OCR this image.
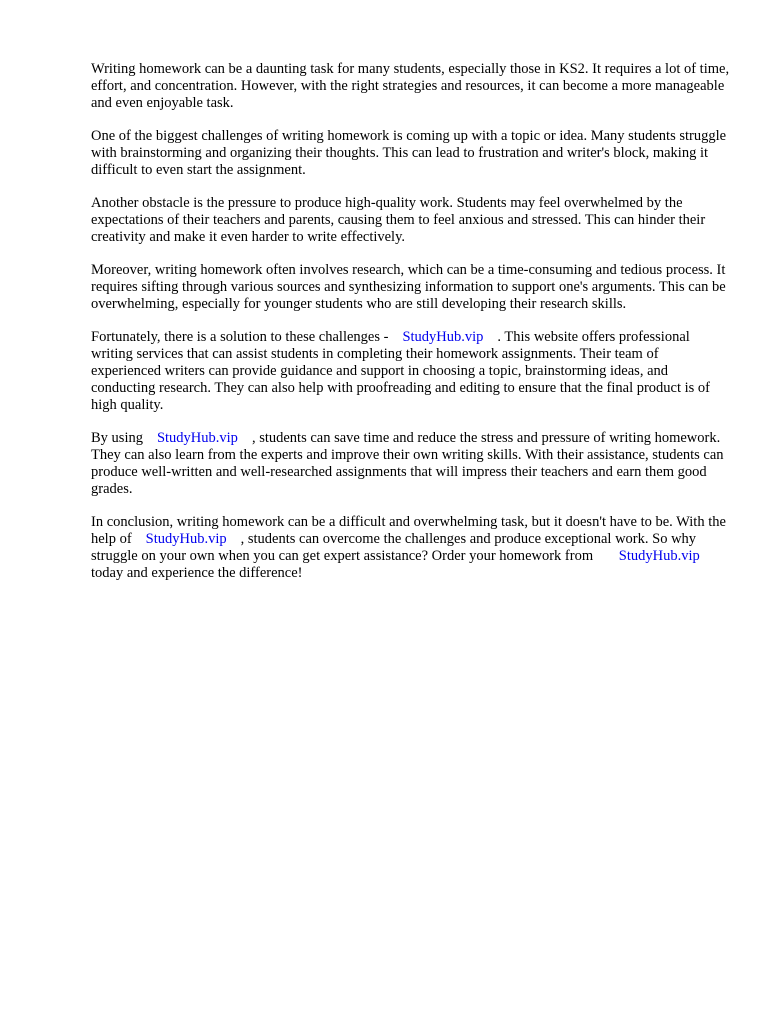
Writing homework can be a daunting task for many students, especially those in KS2. It requires a lot of time, effort, and concentration. However, with the right strategies and resources, it can become a more manageable and even enjoyable task.

One of the biggest challenges of writing homework is coming up with a topic or idea. Many students struggle with brainstorming and organizing their thoughts. This can lead to frustration and writer's block, making it difficult to even start the assignment.

Another obstacle is the pressure to produce high-quality work. Students may feel overwhelmed by the expectations of their teachers and parents, causing them to feel anxious and stressed. This can hinder their creativity and make it even harder to write effectively.

Moreover, writing homework often involves research, which can be a time-consuming and tedious process. It requires sifting through various sources and synthesizing information to support one's arguments. This can be overwhelming, especially for younger students who are still developing their research skills.

Fortunately, there is a solution to these challenges - StudyHub.vip . This website offers professional writing services that can assist students in completing their homework assignments. Their team of experienced writers can provide guidance and support in choosing a topic, brainstorming ideas, and conducting research. They can also help with proofreading and editing to ensure that the final product is of high quality.

By using StudyHub.vip , students can save time and reduce the stress and pressure of writing homework. They can also learn from the experts and improve their own writing skills. With their assistance, students can produce well-written and well-researched assignments that will impress their teachers and earn them good grades.

In conclusion, writing homework can be a difficult and overwhelming task, but it doesn't have to be. With the help of StudyHub.vip , students can overcome the challenges and produce exceptional work. So why struggle on your own when you can get expert assistance? Order your homework from StudyHub.viptoday and experience the difference!
